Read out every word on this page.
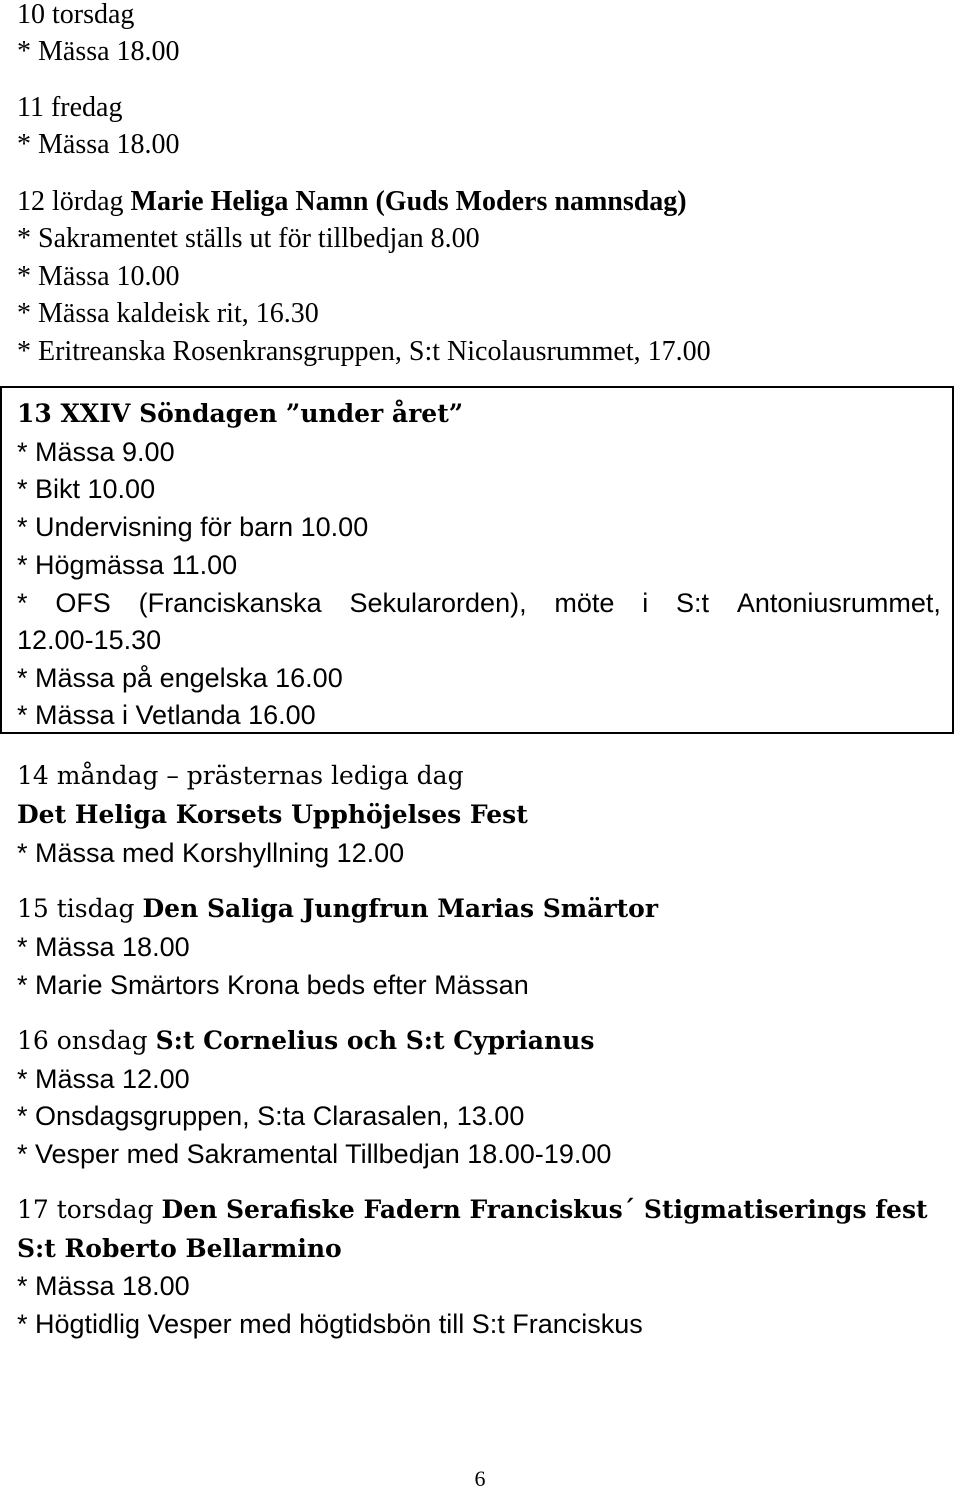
10 torsdag
* Mässa 18.00
11 fredag
* Mässa 18.00
12 lördag Marie Heliga Namn (Guds Moders namnsdag)
* Sakramentet ställs ut för tillbedjan 8.00
* Mässa 10.00
* Mässa kaldeisk rit, 16.30
* Eritreanska Rosenkransgruppen, S:t Nicolausrummet, 17.00
13 XXIV Söndagen ”under året”
* Mässa 9.00
* Bikt 10.00
* Undervisning för barn 10.00
* Högmässa 11.00
* OFS (Franciskanska Sekularorden), möte i S:t Antoniusrummet,
12.00-15.30
* Mässa på engelska 16.00
* Mässa i Vetlanda 16.00
14 måndag – prästernas lediga dag
Det Heliga Korsets Upphöjelses Fest
* Mässa med Korshyllning 12.00
15 tisdag Den Saliga Jungfrun Marias Smärtor
* Mässa 18.00
* Marie Smärtors Krona beds efter Mässan
16 onsdag S:t Cornelius och S:t Cyprianus
* Mässa 12.00
* Onsdagsgruppen, S:ta Clarasalen, 13.00
* Vesper med Sakramental Tillbedjan 18.00-19.00
17 torsdag Den Serafiske Fadern Franciskus´ Stigmatiserings fest
S:t Roberto Bellarmino
* Mässa 18.00
* Högtidlig Vesper med högtidsbön till S:t Franciskus
6
